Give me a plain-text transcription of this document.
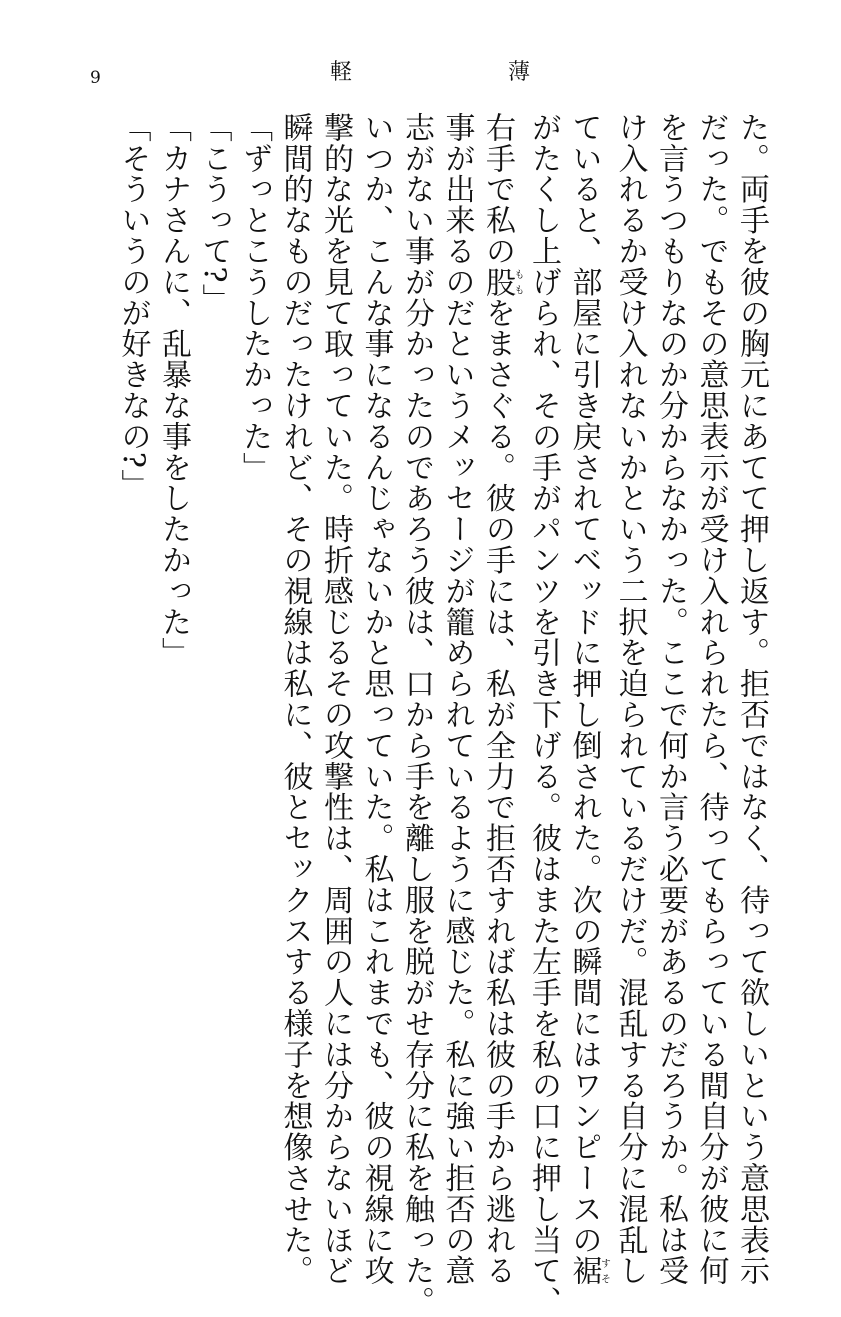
9	軽	薄

た。両手を彼の胸元にあてて押し返す。拒否ではなく、待って欲しいという意思表示

だった。でもその意思表示が受け入れられたら、待ってもらっている間自分が彼に何

を言うつもりなのか分からなかった。ここで何か言う必要があるのだろうか。私は受

け入れるか受け入れないかという二択を迫られているだけだ。混乱する自分に混乱し

ていると、部屋に引き戻されてベッドに押し倒された。次の瞬間にはワンピースの裾すそ

がたくし上げられ、その手がパンツを引き下げる。彼はまた左手を私の口に押し当て、

右手で私の股ももをまさぐる。彼の手には、私が全力で拒否すれば私は彼の手から逃れる

事が出来るのだというメッセージが籠められているように感じた。私に強い拒否の意

志がない事が分かったのであろう彼は、口から手を離し服を脱がせ存分に私を触った。

いつか、こんな事になるんじゃないかと思っていた。私はこれまでも、彼の視線に攻

撃的な光を見て取っていた。時折感じるその攻撃性は、周囲の人には分からないほど

瞬間的なものだったけれど、その視線は私に、彼とセックスする様子を想像させた。

「ずっとこうしたかった」

「こうって?」

「カナさんに、乱暴な事をしたかった」

「そういうのが好きなの?」
